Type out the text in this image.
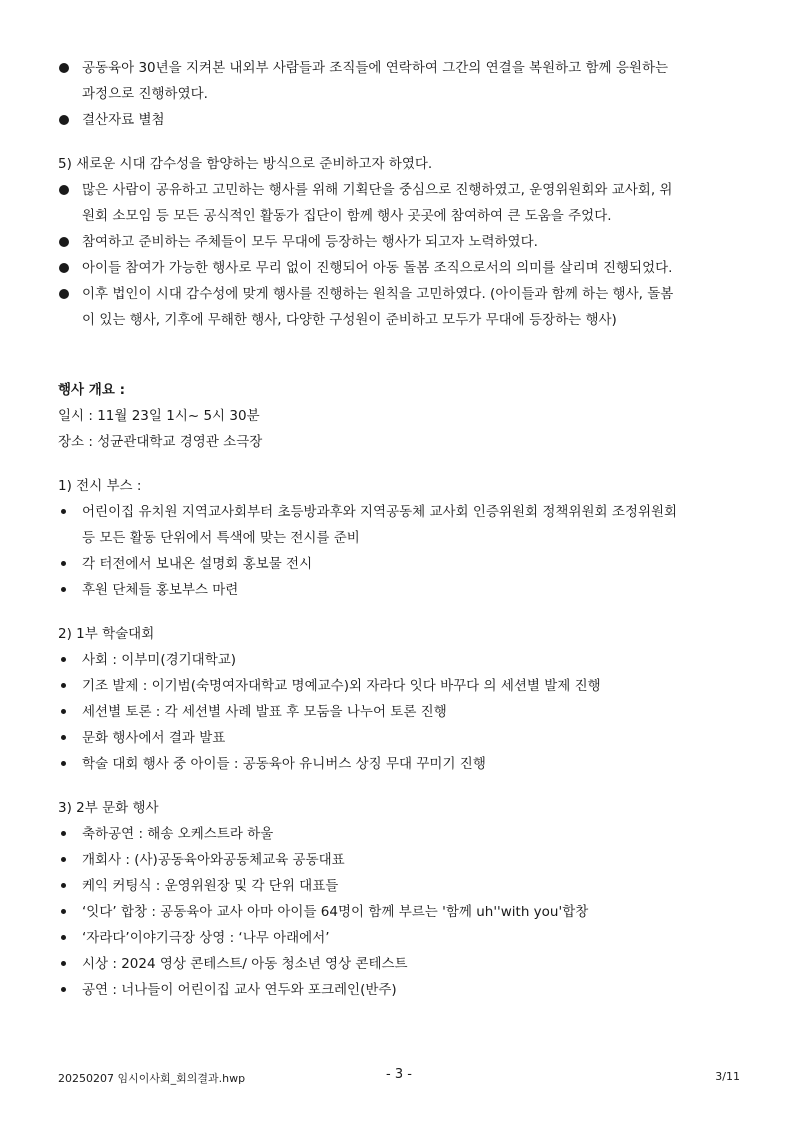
공동육아 30년을 지켜본 내외부 사람들과 조직들에 연락하여 그간의 연결을 복원하고 함께 응원하는
과정으로 진행하였다.
결산자료 별첨
5) 새로운 시대 감수성을 함양하는 방식으로 준비하고자 하였다.
많은 사람이 공유하고 고민하는 행사를 위해 기획단을 중심으로 진행하였고, 운영위원회와 교사회, 위
원회 소모임 등 모든 공식적인 활동가 집단이 함께 행사 곳곳에 참여하여 큰 도움을 주었다.
참여하고 준비하는 주체들이 모두 무대에 등장하는 행사가 되고자 노력하였다.
아이들 참여가 가능한 행사로 무리 없이 진행되어 아동 돌봄 조직으로서의 의미를 살리며 진행되었다.
이후 법인이 시대 감수성에 맞게 행사를 진행하는 원칙을 고민하였다. (아이들과 함께 하는 행사, 돌봄
이 있는 행사, 기후에 무해한 행사, 다양한 구성원이 준비하고 모두가 무대에 등장하는 행사)
행사 개요 :
일시 : 11월 23일 1시~ 5시 30분
장소 : 성균관대학교 경영관 소극장
1) 전시 부스 :
어린이집 유치원 지역교사회부터 초등방과후와 지역공동체 교사회 인증위원회 정책위원회 조정위원회
등 모든 활동 단위에서 특색에 맞는 전시를 준비
각 터전에서 보내온 설명회 홍보물 전시
후원 단체들 홍보부스 마련
2) 1부 학술대회
사회 : 이부미(경기대학교)
기조 발제 : 이기범(숙명여자대학교 명예교수)외 자라다 잇다 바꾸다 의 세션별 발제 진행
세션별 토론 : 각 세션별 사례 발표 후 모둠을 나누어 토론 진행
문화 행사에서 결과 발표
학술 대회 행사 중 아이들 : 공동육아 유니버스 상징 무대 꾸미기 진행
3) 2부 문화 행사
축하공연 : 해송 오케스트라 하울
개회사 : (사)공동육아와공동체교육 공동대표
케익 커팅식 : 운영위원장 및 각 단위 대표들
‘잇다’ 합창 : 공동육아 교사 아마 아이들 64명이 함께 부르는 '함께 uh''with you'합창
‘자라다’이야기극장 상영 : ‘나무 아래에서’
시상 : 2024 영상 콘테스트/ 아동 청소년 영상 콘테스트
공연 : 너나들이 어린이집 교사 연두와 포크레인(반주)
20250207 임시이사회_회의결과.hwp	- 3 -	3/11
